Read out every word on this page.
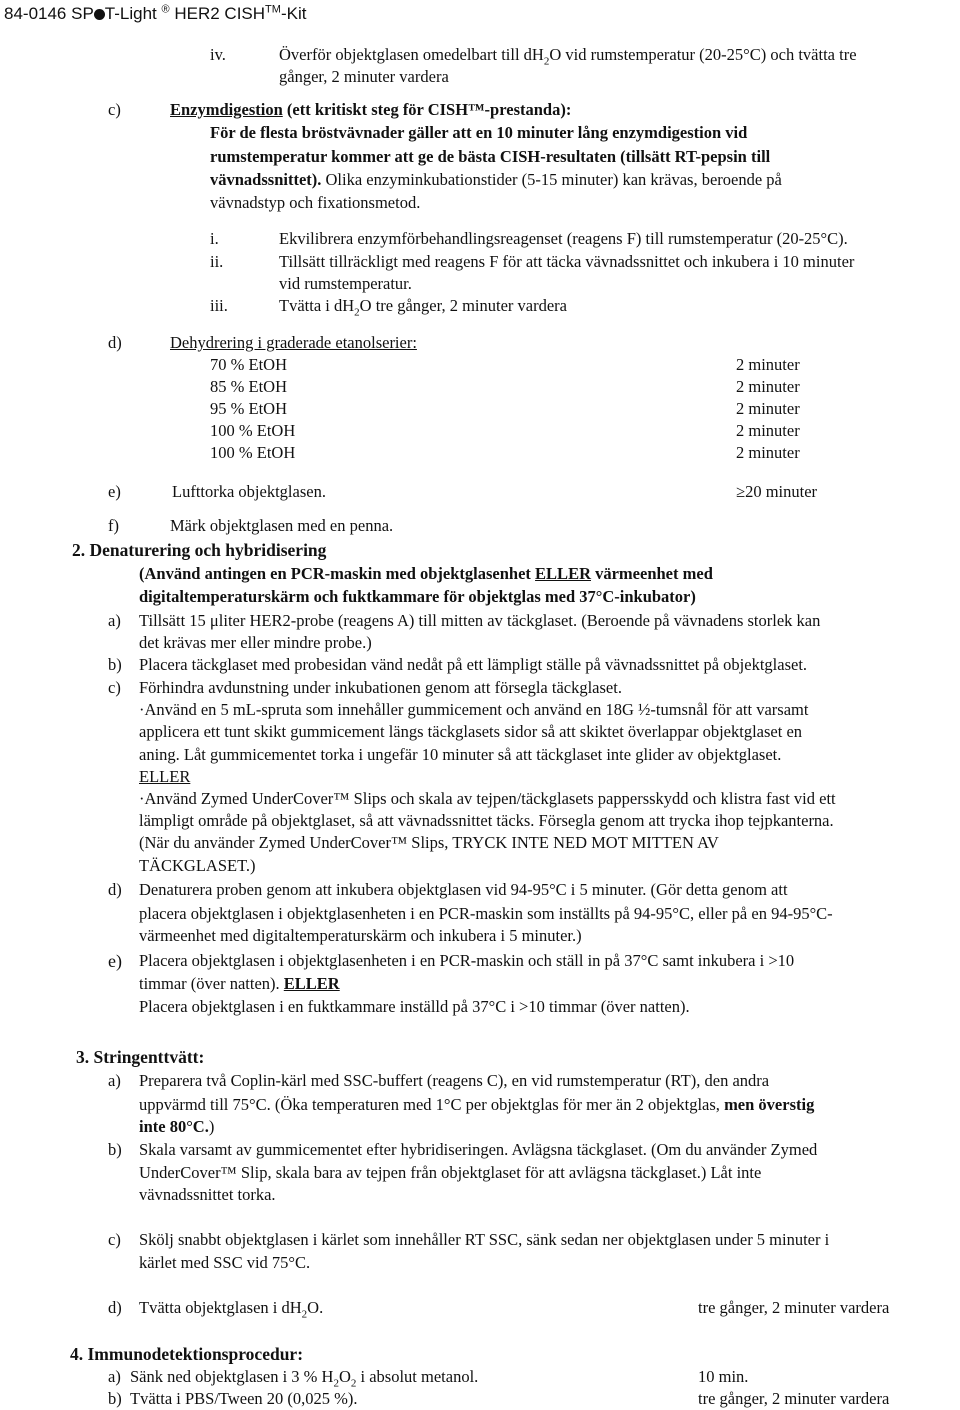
84-0146 SP T-Light ® HER2 CISH™-Kit
iv.	Överför objektglasen omedelbart till $dH_2O$ vid rumstemperatur (20-25°C) och tvätta tre
gånger, 2 minuter vardera
c)	Enzymdigestion (ett kritiskt steg för CISH™-prestanda):
För de flesta bröstvävnader gäller att en 10 minuter lång enzymdigestion vid
rumstemperatur kommer att ge de bästa CISH-resultaten (tillsätt RT-pepsin till
vävnadssnittet). Olika enzyminkubationstider (5-15 minuter) kan krävas, beroende på
vävnadstyp och fixationsmetod.
i.	Ekvilibrera enzymförbehandlingsreagenset (reagens F) till rumstemperatur (20-25°C).
ii.	Tillsätt tillräckligt med reagens F för att täcka vävnadssnittet och inkubera i 10 minuter
vid rumstemperatur.
iii.	Tvätta i $dH_2O$ tre gånger, 2 minuter vardera
d)	Dehydrering i graderade etanolserier:
70 % EtOH	2 minuter
85 % EtOH	2 minuter
95 % EtOH	2 minuter
100 % EtOH	2 minuter
100 % EtOH	2 minuter
e)	Lufttorka objektglasen.	≥20 minuter
f)	Märk objektglasen med en penna.
2. Denaturering och hybridisering
(Använd antingen en PCR-maskin med objektglasenhet ELLER värmeenhet med
digitaltemperaturskärm och fuktkammare för objektglas med 37°C-inkubator)
a) Tillsätt 15 μliter HER2-probe (reagens A) till mitten av täckglaset. (Beroende på vävnadens storlek kan
det krävas mer eller mindre probe.)
b) Placera täckglaset med probesidan vänd nedåt på ett lämpligt ställe på vävnadssnittet på objektglaset.
c) Förhindra avdunstning under inkubationen genom att försegla täckglaset.
·Använd en 5 mL-spruta som innehåller gummicement och använd en 18G ½-tumsnål för att varsamt
applicera ett tunt skikt gummicement längs täckglasets sidor så att skiktet överlappar objektglaset en
aning. Låt gummicementet torka i ungefär 10 minuter så att täckglaset inte glider av objektglaset.
ELLER
·Använd Zymed UnderCover™ Slips och skala av tejpen/täckglasets pappersskydd och klistra fast vid ett
lämpligt område på objektglaset, så att vävnadssnittet täcks. Försegla genom att trycka ihop tejpkanterna.
(När du använder Zymed UnderCover™ Slips, TRYCK INTE NED MOT MITTEN AV
TÄCKGLASET.)
d) Denaturera proben genom att inkubera objektglasen vid 94-95°C i 5 minuter. (Gör detta genom att
placera objektglasen i objektglasenheten i en PCR-maskin som inställts på 94-95°C, eller på en 94-95°C-
värmeenhet med digitaltemperaturskärm och inkubera i 5 minuter.)
e) Placera objektglasen i objektglasenheten i en PCR-maskin och ställ in på 37°C samt inkubera i >10
timmar (över natten). ELLER
Placera objektglasen i en fuktkammare inställd på 37°C i >10 timmar (över natten).
3. Stringenttvätt:
a) Preparera två Coplin-kärl med SSC-buffert (reagens C), en vid rumstemperatur (RT), den andra
uppvärmd till 75°C. (Öka temperaturen med 1°C per objektglas för mer än 2 objektglas, men överstig
inte 80°C.)
b) Skala varsamt av gummicementet efter hybridiseringen. Avlägsna täckglaset. (Om du använder Zymed
UnderCover™ Slip, skala bara av tejpen från objektglaset för att avlägsna täckglaset.) Låt inte
vävnadssnittet torka.
c) Skölj snabbt objektglasen i kärlet som innehåller RT SSC, sänk sedan ner objektglasen under 5 minuter i
kärlet med SSC vid 75°C.
d) Tvätta objektglasen i $dH_2O$.	tre gånger, 2 minuter vardera
4. Immunodetektionsprocedur:
a) Sänk ned objektglasen i 3 % $H_2O_2$ i absolut metanol.	10 min.
b) Tvätta i PBS/Tween 20 (0,025 %).	tre gånger, 2 minuter vardera
